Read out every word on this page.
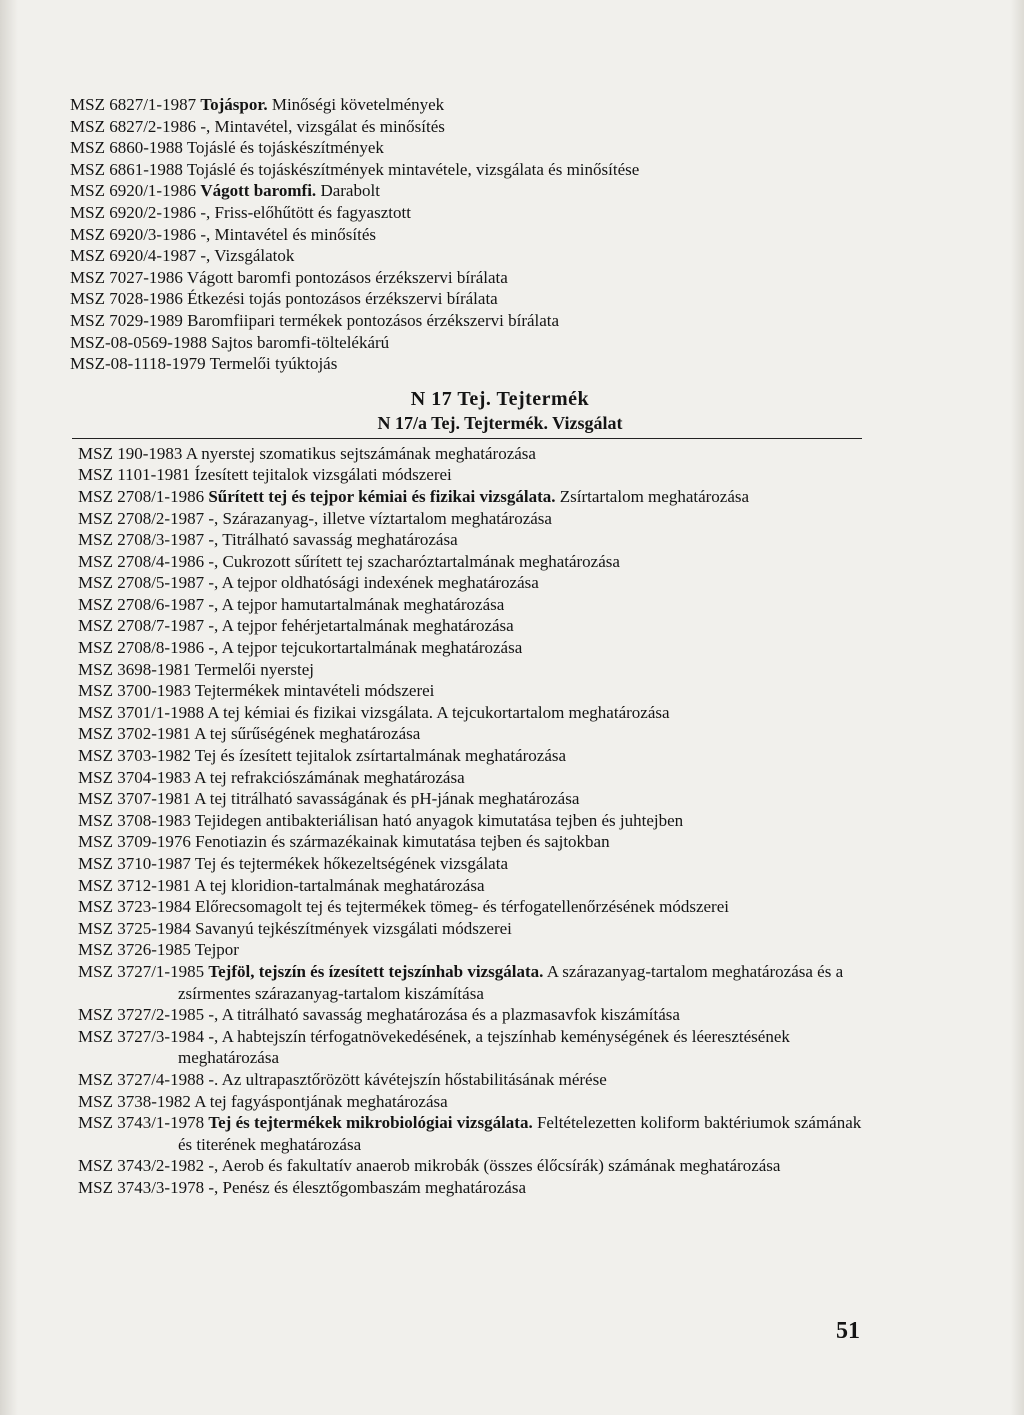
MSZ 6827/1-1987 Tojáspor. Minőségi követelmények
MSZ 6827/2-1986 -, Mintavétel, vizsgálat és minősítés
MSZ 6860-1988 Tojáslé és tojáskészítmények
MSZ 6861-1988 Tojáslé és tojáskészítmények mintavétele, vizsgálata és minősítése
MSZ 6920/1-1986 Vágott baromfi. Darabolt
MSZ 6920/2-1986 -, Friss-előhűtött és fagyasztott
MSZ 6920/3-1986 -, Mintavétel és minősítés
MSZ 6920/4-1987 -, Vizsgálatok
MSZ 7027-1986 Vágott baromfi pontozásos érzékszervi bírálata
MSZ 7028-1986 Étkezési tojás pontozásos érzékszervi bírálata
MSZ 7029-1989 Baromfiipari termékek pontozásos érzékszervi bírálata
MSZ-08-0569-1988 Sajtos baromfi-töltelékárú
MSZ-08-1118-1979 Termelői tyúktojás

N 17 Tej. Tejtermék

N 17/a Tej. Tejtermék. Vizsgálat

MSZ 190-1983 A nyerstej szomatikus sejtszámának meghatározása
MSZ 1101-1981 Ízesített tejitalok vizsgálati módszerei
MSZ 2708/1-1986 Sűrített tej és tejpor kémiai és fizikai vizsgálata. Zsírtartalom meghatározása
MSZ 2708/2-1987 -, Szárazanyag-, illetve víztartalom meghatározása
MSZ 2708/3-1987 -, Titrálható savasság meghatározása
MSZ 2708/4-1986 -, Cukrozott sűrített tej szacharóztartalmának meghatározása
MSZ 2708/5-1987 -, A tejpor oldhatósági indexének meghatározása
MSZ 2708/6-1987 -, A tejpor hamutartalmának meghatározása
MSZ 2708/7-1987 -, A tejpor fehérjetartalmának meghatározása
MSZ 2708/8-1986 -, A tejpor tejcukortartalmának meghatározása
MSZ 3698-1981 Termelői nyerstej
MSZ 3700-1983 Tejtermékek mintavételi módszerei
MSZ 3701/1-1988 A tej kémiai és fizikai vizsgálata. A tejcukortartalom meghatározása
MSZ 3702-1981 A tej sűrűségének meghatározása
MSZ 3703-1982 Tej és ízesített tejitalok zsírtartalmának meghatározása
MSZ 3704-1983 A tej refrakciószámának meghatározása
MSZ 3707-1981 A tej titrálható savasságának és pH-jának meghatározása
MSZ 3708-1983 Tejidegen antibakteriálisan ható anyagok kimutatása tejben és juhtejben
MSZ 3709-1976 Fenotiazin és származékainak kimutatása tejben és sajtokban
MSZ 3710-1987 Tej és tejtermékek hőkezeltségének vizsgálata
MSZ 3712-1981 A tej kloridion-tartalmának meghatározása
MSZ 3723-1984 Előrecsomagolt tej és tejtermékek tömeg- és térfogatellenőrzésének módszerei
MSZ 3725-1984 Savanyú tejkészítmények vizsgálati módszerei
MSZ 3726-1985 Tejpor
MSZ 3727/1-1985 Tejföl, tejszín és ízesített tejszínhab vizsgálata. A szárazanyag-tartalom meghatározása és a zsírmentes szárazanyag-tartalom kiszámítása
MSZ 3727/2-1985 -, A titrálható savasság meghatározása és a plazmasavfok kiszámítása
MSZ 3727/3-1984 -, A habtejszín térfogatnövekedésének, a tejszínhab keménységének és léeresztésének meghatározása
MSZ 3727/4-1988 -. Az ultrapasztőrözött kávétejszín hőstabilitásának mérése
MSZ 3738-1982 A tej fagyáspontjának meghatározása
MSZ 3743/1-1978 Tej és tejtermékek mikrobiológiai vizsgálata. Feltételezetten koliform baktériumok számának és titerének meghatározása
MSZ 3743/2-1982 -, Aerob és fakultatív anaerob mikrobák (összes élőcsírák) számának meghatározása
MSZ 3743/3-1978 -, Penész és élesztőgombaszám meghatározása
51
